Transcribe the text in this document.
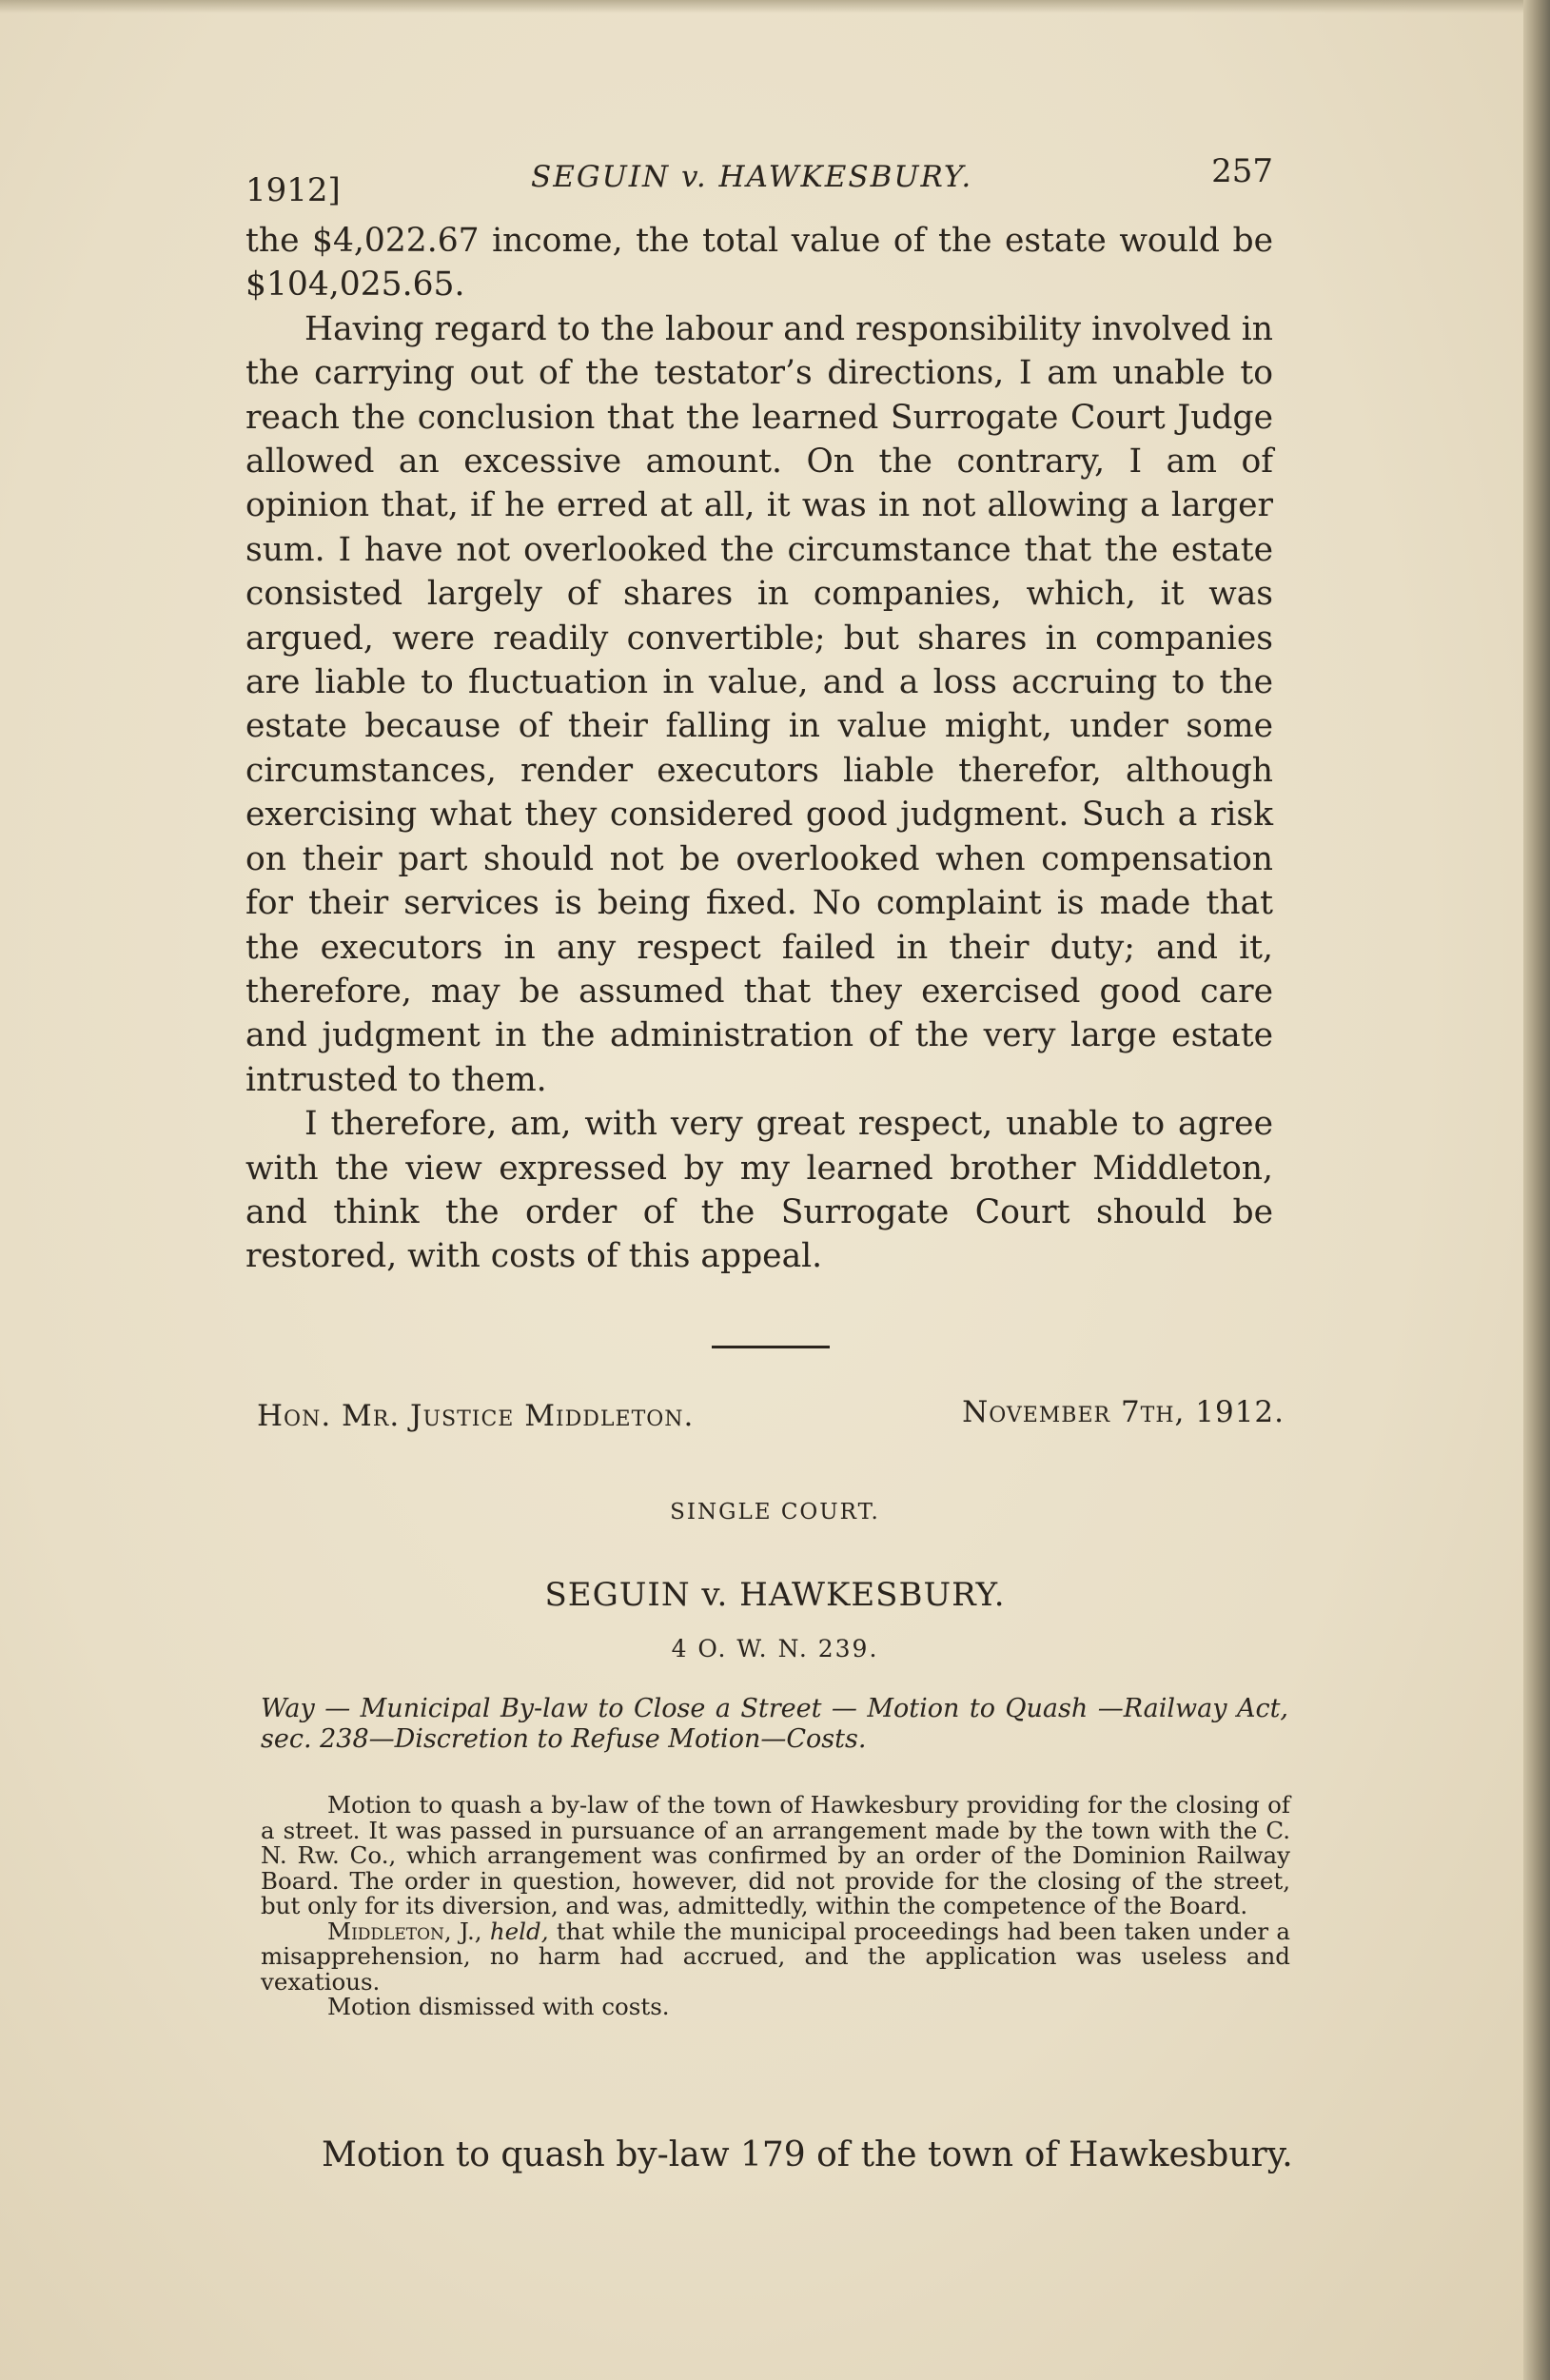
1912]	SEGUIN v. HAWKESBURY.	257

the $4,022.67 income, the total value of the estate would be $104,025.65.

Having regard to the labour and responsibility involved in the carrying out of the testator’s directions, I am unable to reach the conclusion that the learned Surrogate Court Judge allowed an excessive amount. On the contrary, I am of opinion that, if he erred at all, it was in not allowing a larger sum. I have not overlooked the circumstance that the estate consisted largely of shares in companies, which, it was argued, were readily convertible; but shares in companies are liable to fluctuation in value, and a loss accruing to the estate because of their falling in value might, under some circumstances, render executors liable therefor, although exercising what they considered good judgment. Such a risk on their part should not be overlooked when compensation for their services is being fixed. No complaint is made that the executors in any respect failed in their duty; and it, therefore, may be assumed that they exercised good care and judgment in the administration of the very large estate intrusted to them.

I therefore, am, with very great respect, unable to agree with the view expressed by my learned brother Middleton, and think the order of the Surrogate Court should be restored, with costs of this appeal.

Hon. Mr. Justice Middleton.	November 7th, 1912.
SINGLE COURT.
SEGUIN v. HAWKESBURY.
4 O. W. N. 239.
Way — Municipal By-law to Close a Street — Motion to Quash —Railway Act, sec. 238—Discretion to Refuse Motion—Costs.

Motion to quash a by-law of the town of Hawkesbury providing for the closing of a street. It was passed in pursuance of an arrangement made by the town with the C. N. Rw. Co., which arrangement was confirmed by an order of the Dominion Railway Board. The order in question, however, did not provide for the closing of the street, but only for its diversion, and was, admittedly, within the competence of the Board.

Middleton, J., held, that while the municipal proceedings had been taken under a misapprehension, no harm had accrued, and the application was useless and vexatious.

Motion dismissed with costs.

Motion to quash by-law 179 of the town of Hawkesbury.
